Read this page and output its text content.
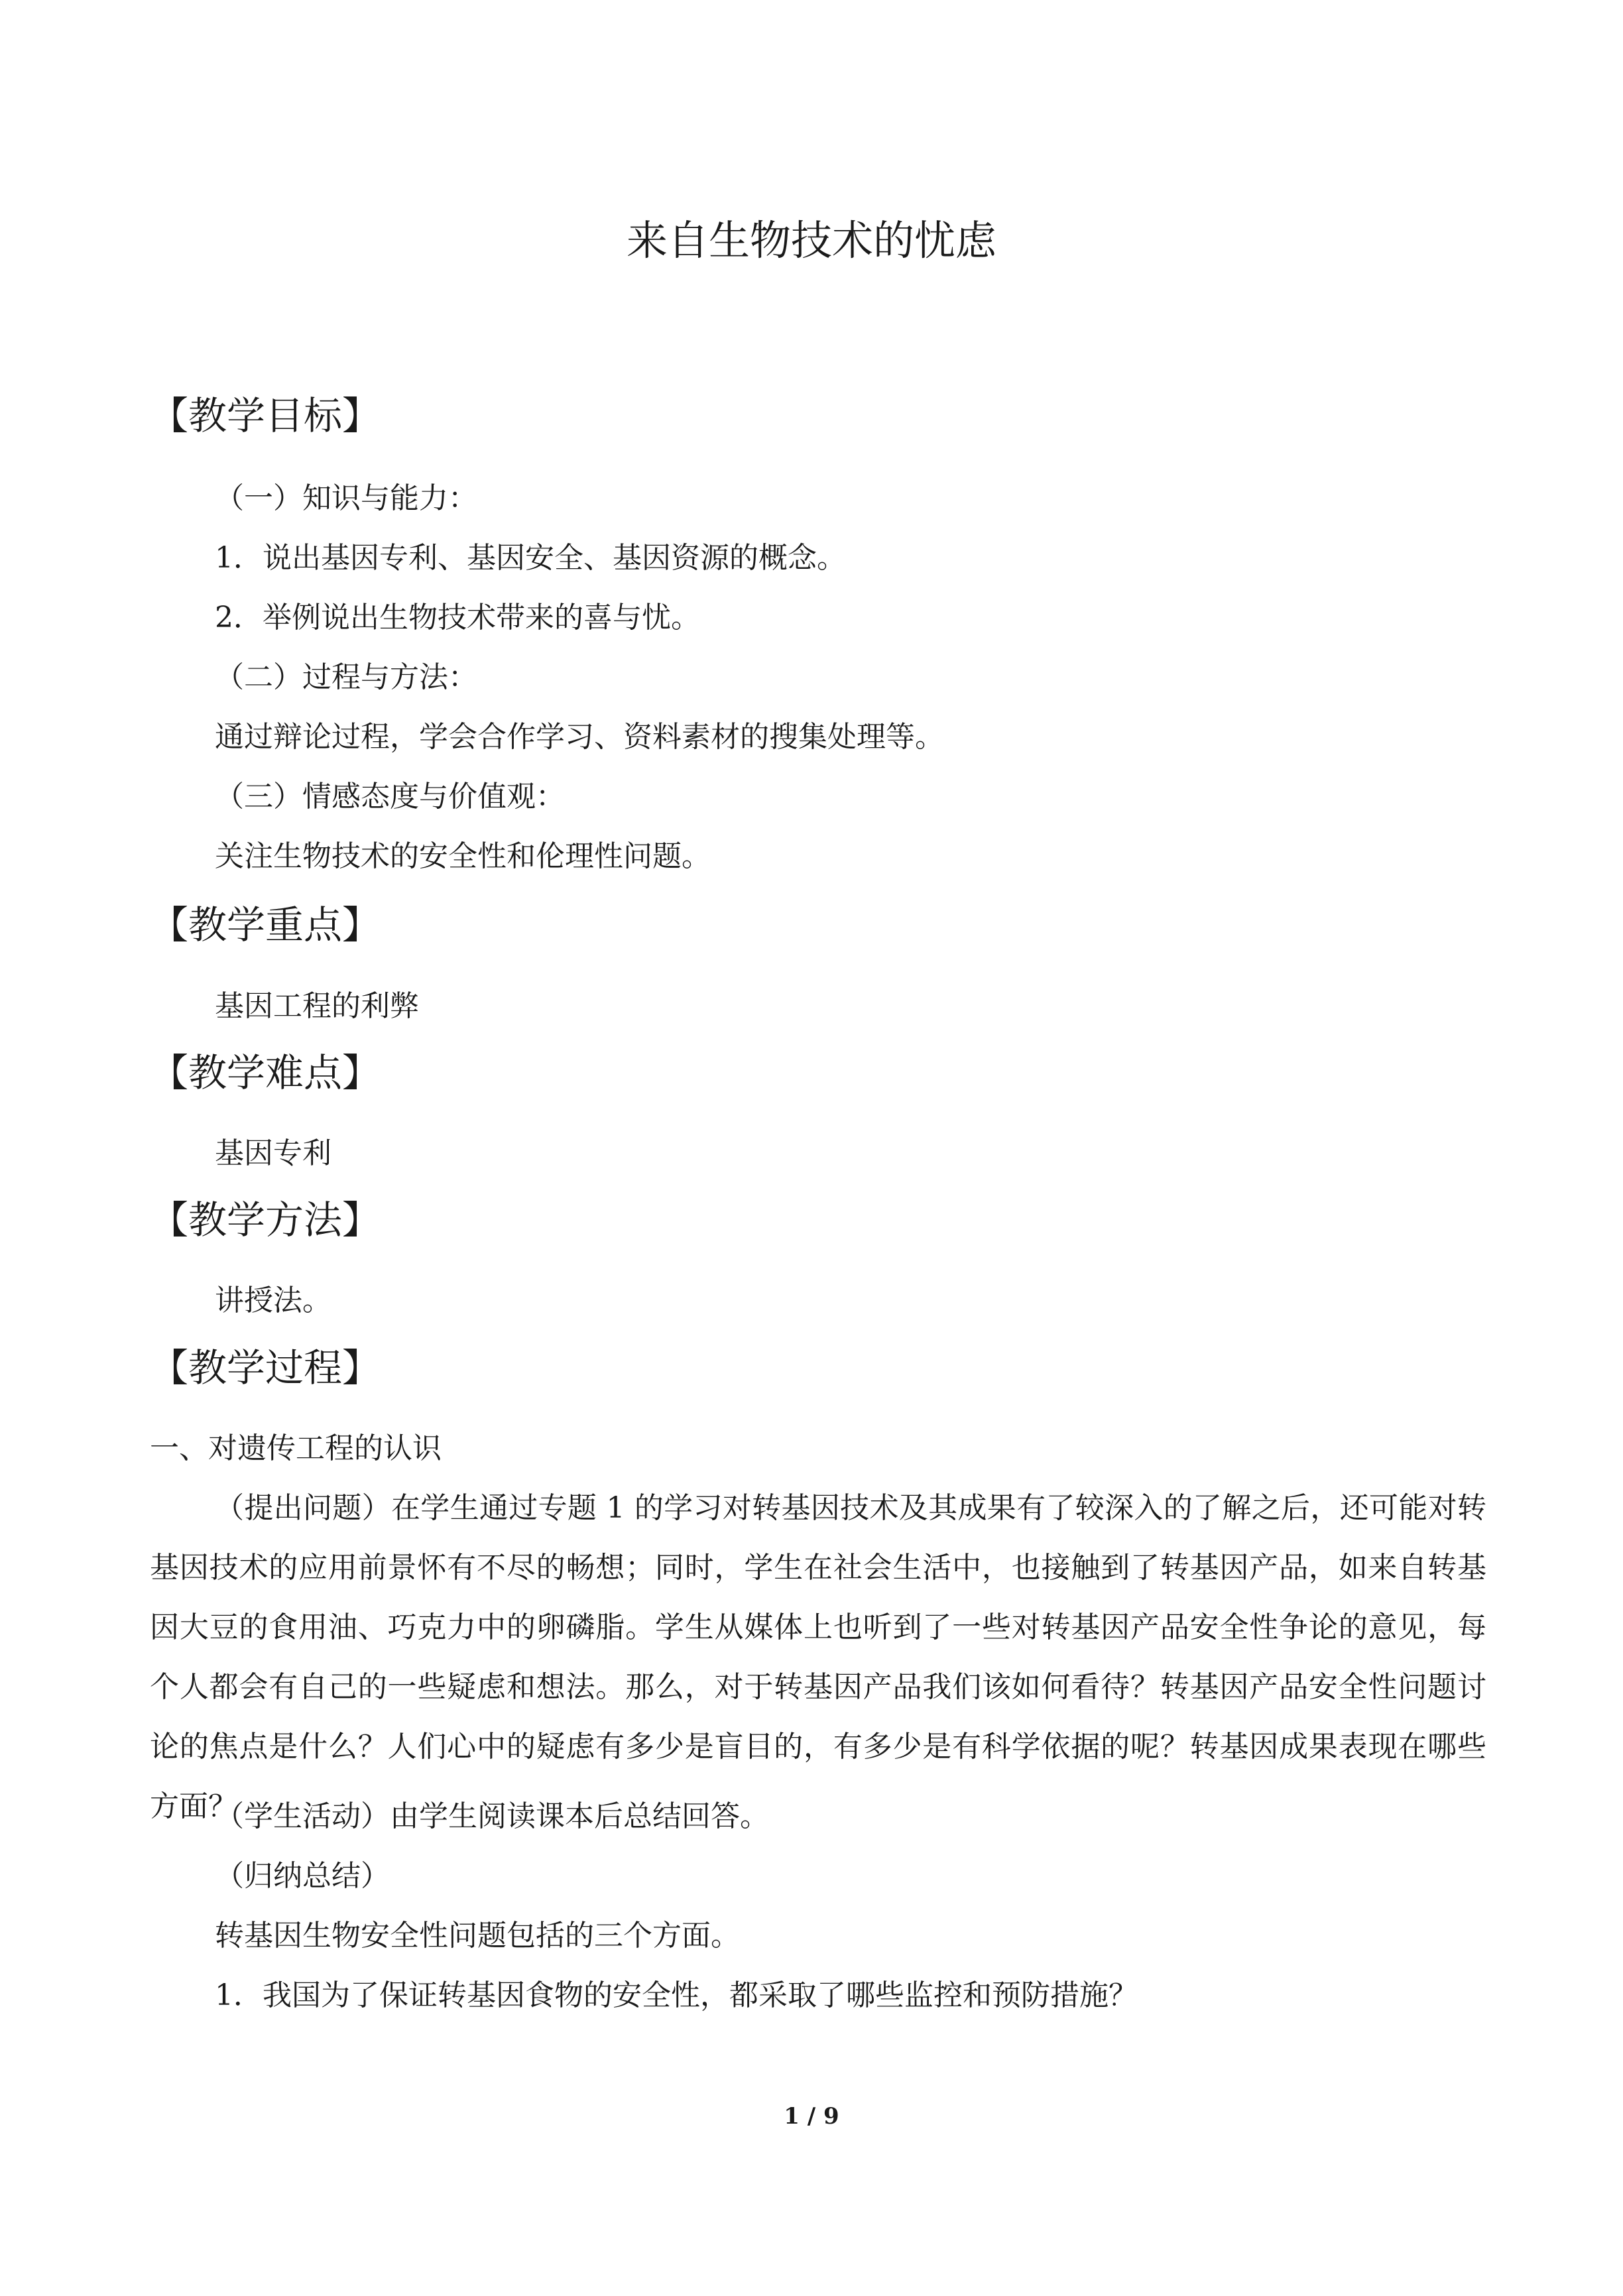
来自生物技术的忧虑
【教学目标】
（一）知识与能力：
1．说出基因专利、基因安全、基因资源的概念。
2．举例说出生物技术带来的喜与忧。
（二）过程与方法：
通过辩论过程，学会合作学习、资料素材的搜集处理等。
（三）情感态度与价值观：
关注生物技术的安全性和伦理性问题。
【教学重点】
基因工程的利弊
【教学难点】
基因专利
【教学方法】
讲授法。
【教学过程】
一、对遗传工程的认识
（提出问题）在学生通过专题 1 的学习对转基因技术及其成果有了较深入的了解之后，还可能对转基因技术的应用前景怀有不尽的畅想；同时，学生在社会生活中，也接触到了转基因产品，如来自转基因大豆的食用油、巧克力中的卵磷脂。学生从媒体上也听到了一些对转基因产品安全性争论的意见，每个人都会有自己的一些疑虑和想法。那么，对于转基因产品我们该如何看待？转基因产品安全性问题讨论的焦点是什么？人们心中的疑虑有多少是盲目的，有多少是有科学依据的呢？转基因成果表现在哪些方面？
（学生活动）由学生阅读课本后总结回答。
（归纳总结）
转基因生物安全性问题包括的三个方面。
1．我国为了保证转基因食物的安全性，都采取了哪些监控和预防措施？
1 / 9
